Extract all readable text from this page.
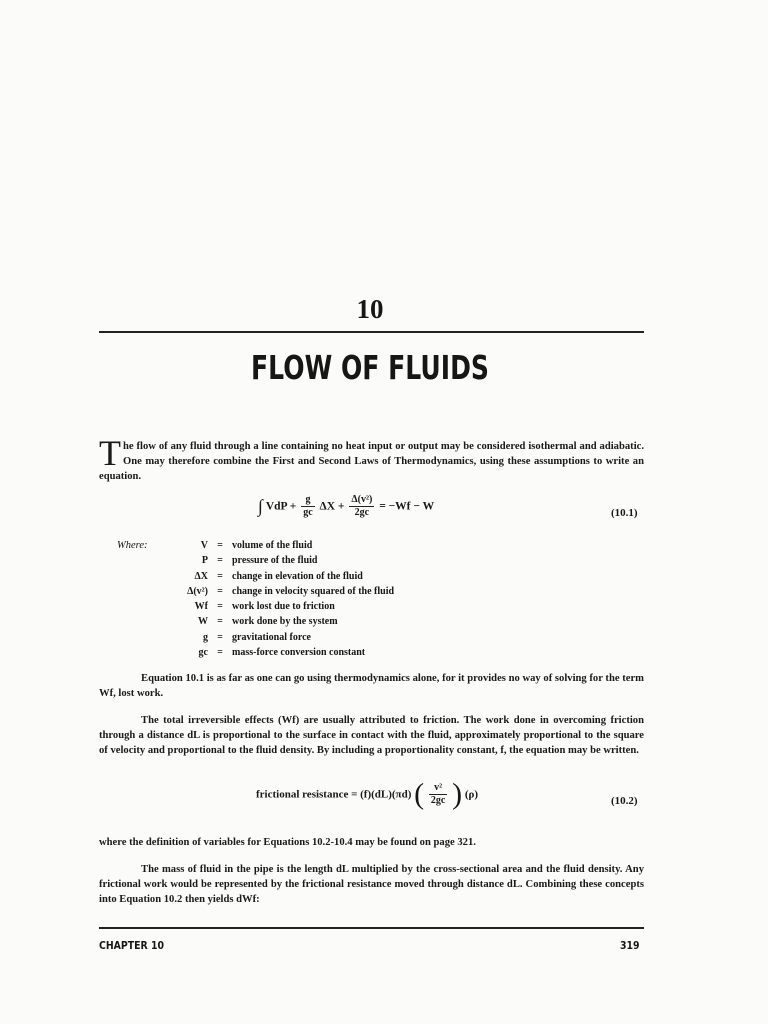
10
FLOW OF FLUIDS
The flow of any fluid through a line containing no heat input or output may be considered isothermal and adiabatic. One may therefore combine the First and Second Laws of Thermodynamics, using these assumptions to write an equation.
∫ VdP + $\frac{g}{gc}$ $\Delta X + \frac{\text{Δ(v²)}}{2gc} = -Wf - W$
(10.1)
Where:	V = volume of the fluid
P = pressure of the fluid
ΔX = change in elevation of the fluid
Δ(v²) = change in velocity squared of the fluid
Wf = work lost due to friction
W = work done by the system
g = gravitational force
gc = mass-force conversion constant
Equation 10.1 is as far as one can go using thermodynamics alone, for it provides no way of solving for the term Wf, lost work.
The total irreversible effects (Wf) are usually attributed to friction. The work done in overcoming friction through a distance dL is proportional to the surface in contact with the fluid, approximately proportional to the square of velocity and proportional to the fluid density. By including a proportionality constant, f, the equation may be written.
frictional resistance = (f)(dL)(πd) ( $\frac{\text{v²}}{2gc}$ ) (ρ)
(10.2)
where the definition of variables for Equations 10.2-10.4 may be found on page 321.
The mass of fluid in the pipe is the length dL multiplied by the cross-sectional area and the fluid density. Any frictional work would be represented by the frictional resistance moved through distance dL. Combining these concepts into Equation 10.2 then yields dWf:
CHAPTER 10	319
